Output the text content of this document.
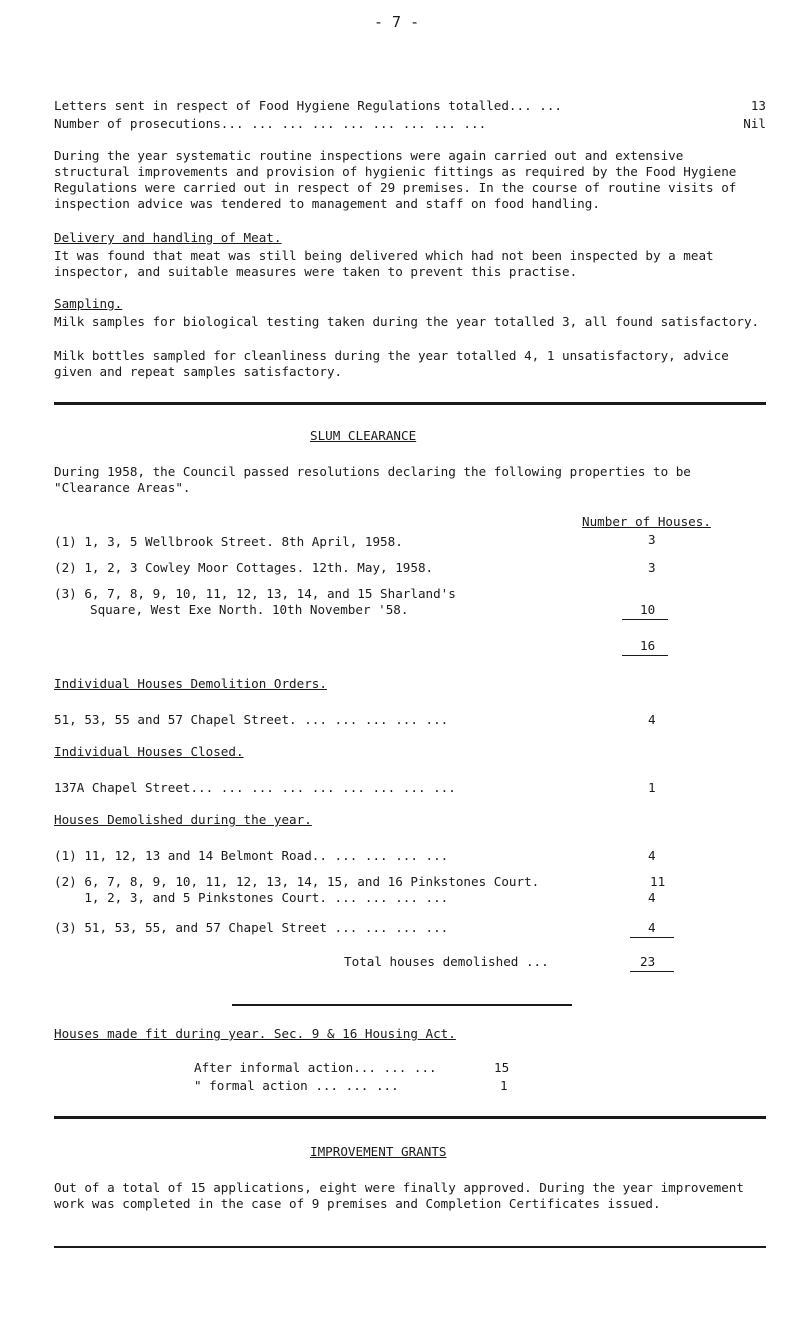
- 7 -
Letters sent in respect of Food Hygiene Regulations totalled... ...	13
Number of prosecutions... ... ... ... ... ... ... ... ...	Nil

During the year systematic routine inspections were again carried out and extensive structural improvements and provision of hygienic fittings as required by the Food Hygiene Regulations were carried out in respect of 29 premises. In the course of routine visits of inspection advice was tendered to management and staff on food handling.

Delivery and handling of Meat.

It was found that meat was still being delivered which had not been inspected by a meat inspector, and suitable measures were taken to prevent this practise.

Sampling.

Milk samples for biological testing taken during the year totalled 3, all found satisfactory.

Milk bottles sampled for cleanliness during the year totalled 4, 1 unsatisfactory, advice given and repeat samples satisfactory.

SLUM CLEARANCE

During 1958, the Council passed resolutions declaring the following properties to be "Clearance Areas".

Number of Houses.
(1) 1, 3, 5 Wellbrook Street. 8th April, 1958.	3
(2) 1, 2, 3 Cowley Moor Cottages. 12th. May, 1958.	3
(3) 6, 7, 8, 9, 10, 11, 12, 13, 14, and 15 Sharland's
Square, West Exe North. 10th November '58.	10
16
Individual Houses Demolition Orders.
51, 53, 55 and 57 Chapel Street. ... ... ... ... ...	4
Individual Houses Closed.
137A Chapel Street... ... ... ... ... ... ... ... ...	1
Houses Demolished during the year.
(1) 11, 12, 13 and 14 Belmont Road.. ... ... ... ...	4
(2) 6, 7, 8, 9, 10, 11, 12, 13, 14, 15, and 16 Pinkstones Court.	11
1, 2, 3, and 5 Pinkstones Court. ... ... ... ...	4
(3) 51, 53, 55, and 57 Chapel Street ... ... ... ...	4
Total houses demolished ...	23
Houses made fit during year. Sec. 9 & 16 Housing Act.
After informal action... ... ...	15
" formal action ... ... ...	1
IMPROVEMENT GRANTS

Out of a total of 15 applications, eight were finally approved. During the year improvement work was completed in the case of 9 premises and Completion Certificates issued.
